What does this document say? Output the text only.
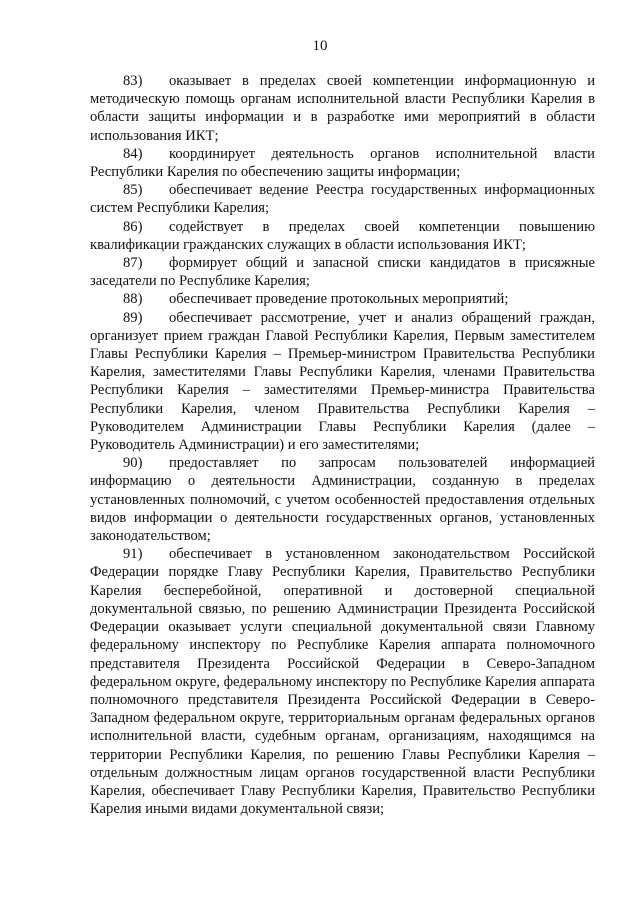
10

83) оказывает в пределах своей компетенции информационную и методическую помощь органам исполнительной власти Республики Карелия в области защиты информации и в разработке ими мероприятий в области использования ИКТ;

84) координирует деятельность органов исполнительной власти Республики Карелия по обеспечению защиты информации;

85) обеспечивает ведение Реестра государственных информационных систем Республики Карелия;

86) содействует в пределах своей компетенции повышению квалификации гражданских служащих в области использования ИКТ;

87) формирует общий и запасной списки кандидатов в присяжные заседатели по Республике Карелия;

88) обеспечивает проведение протокольных мероприятий;

89) обеспечивает рассмотрение, учет и анализ обращений граждан, организует прием граждан Главой Республики Карелия, Первым заместителем Главы Республики Карелия – Премьер-министром Правительства Республики Карелия, заместителями Главы Республики Карелия, членами Правительства Республики Карелия – заместителями Премьер-министра Правительства Республики Карелия, членом Правительства Республики Карелия – Руководителем Администрации Главы Республики Карелия (далее – Руководитель Администрации) и его заместителями;

90) предоставляет по запросам пользователей информацией информацию о деятельности Администрации, созданную в пределах установленных полномочий, с учетом особенностей предоставления отдельных видов информации о деятельности государственных органов, установленных законодательством;

91) обеспечивает в установленном законодательством Российской Федерации порядке Главу Республики Карелия, Правительство Республики Карелия бесперебойной, оперативной и достоверной специальной документальной связью, по решению Администрации Президента Российской Федерации оказывает услуги специальной документальной связи Главному федеральному инспектору по Республике Карелия аппарата полномочного представителя Президента Российской Федерации в Северо-Западном федеральном округе, федеральному инспектору по Республике Карелия аппарата полномочного представителя Президента Российской Федерации в Северо-Западном федеральном округе, территориальным органам федеральных органов исполнительной власти, судебным органам, организациям, находящимся на территории Республики Карелия, по решению Главы Республики Карелия – отдельным должностным лицам органов государственной власти Республики Карелия, обеспечивает Главу Республики Карелия, Правительство Республики Карелия иными видами документальной связи;
